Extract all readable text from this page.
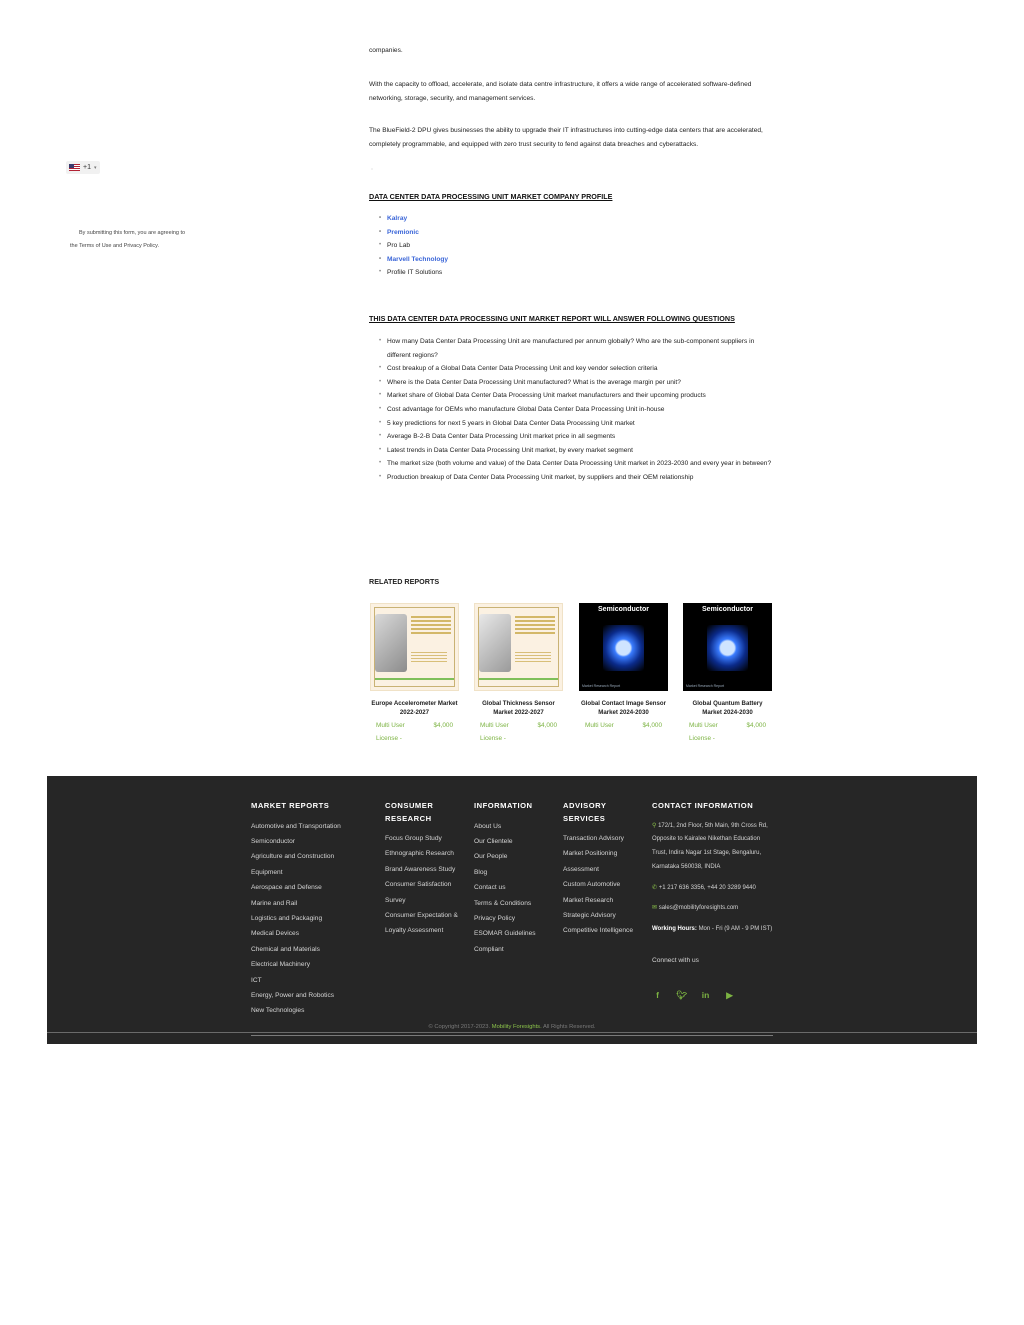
+1 ▾
By submitting this form, you are agreeing to
the Terms of Use and Privacy Policy.

companies.

With the capacity to offload, accelerate, and isolate data centre infrastructure, it offers a wide range of accelerated software-defined networking, storage, security, and management services.

The BlueField-2 DPU gives businesses the ability to upgrade their IT infrastructures into cutting-edge data centers that are accelerated, completely programmable, and equipped with zero trust security to fend against data breaches and cyberattacks.

ˈ
DATA CENTER DATA PROCESSING UNIT MARKET COMPANY PROFILE
• Kalray
• Premionic
• Pro Lab
• Marvell Technology
• Profile IT Solutions
THIS DATA CENTER DATA PROCESSING UNIT MARKET REPORT WILL ANSWER FOLLOWING QUESTIONS
• How many Data Center Data Processing Unit are manufactured per annum globally? Who are the sub-component suppliers in different regions?
• Cost breakup of a Global Data Center Data Processing Unit and key vendor selection criteria
• Where is the Data Center Data Processing Unit manufactured? What is the average margin per unit?
• Market share of Global Data Center Data Processing Unit market manufacturers and their upcoming products
• Cost advantage for OEMs who manufacture Global Data Center Data Processing Unit in-house
• 5 key predictions for next 5 years in Global Data Center Data Processing Unit market
• Average B-2-B Data Center Data Processing Unit market price in all segments
• Latest trends in Data Center Data Processing Unit market, by every market segment
• The market size (both volume and value) of the Data Center Data Processing Unit market in 2023-2030 and every year in between?
• Production breakup of Data Center Data Processing Unit market, by suppliers and their OEM relationship
RELATED REPORTS
Europe Accelerometer Market 2022-2027
Multi User License -
$4,000
Global Thickness Sensor Market 2022-2027
Multi User License -
$4,000
Semiconductor
Market Research Report
Global Contact Image Sensor Market 2024-2030
Multi User	$4,000
Semiconductor
Market Research Report
Global Quantum Battery Market 2024-2030
Multi User License -
$4,000
MARKET REPORTS
Automotive and Transportation
Semiconductor
Agriculture and Construction Equipment
Aerospace and Defense
Marine and Rail
Logistics and Packaging
Medical Devices
Chemical and Materials
Electrical Machinery
ICT
Energy, Power and Robotics
New Technologies
CONSUMER RESEARCH
Focus Group Study
Ethnographic Research
Brand Awareness Study
Consumer Satisfaction Survey
Consumer Expectation & Loyalty Assessment
INFORMATION
About Us
Our Clientele
Our People
Blog
Contact us
Terms & Conditions
Privacy Policy
ESOMAR Guidelines Compliant
ADVISORY SERVICES
Transaction Advisory
Market Positioning Assessment
Custom Automotive Market Research
Strategic Advisory
Competitive Intelligence
CONTACT INFORMATION
⚲ 172/1, 2nd Floor, 5th Main, 9th Cross Rd, Opposite to Kairalee Nikethan Education Trust, Indira Nagar 1st Stage, Bengaluru, Karnataka 560038, INDIA
✆ +1 217 636 3356, +44 20 3289 9440
✉ sales@mobilityforesights.com
Working Hours: Mon - Fri (9 AM - 9 PM IST)
Connect with us
f	🐦︎ in ▶
© Copyright 2017-2023. Mobility Foresights. All Rights Reserved.
